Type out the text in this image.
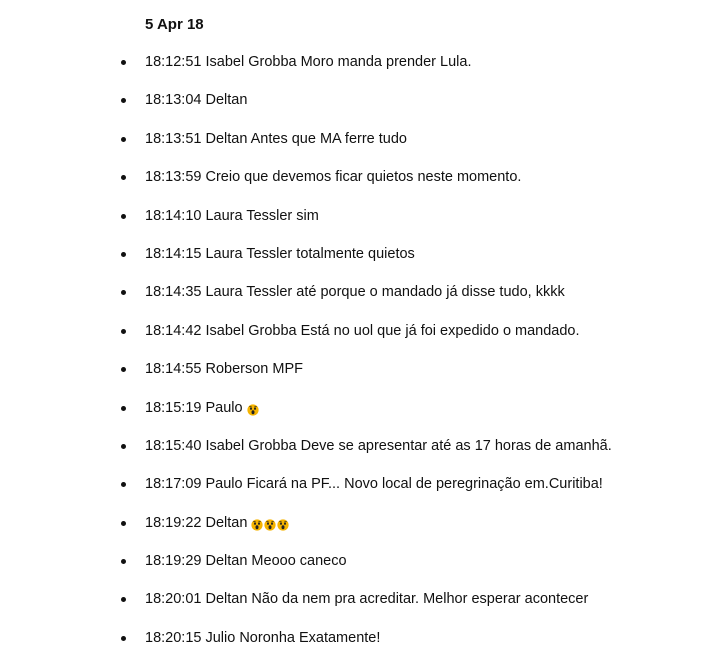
5 Apr 18
18:12:51 Isabel Grobba Moro manda prender Lula.
18:13:04 Deltan
18:13:51 Deltan Antes que MA ferre tudo
18:13:59 Creio que devemos ficar quietos neste momento.
18:14:10 Laura Tessler sim
18:14:15 Laura Tessler totalmente quietos
18:14:35 Laura Tessler até porque o mandado já disse tudo, kkkk
18:14:42 Isabel Grobba Está no uol que já foi expedido o mandado.
18:14:55 Roberson MPF
18:15:19 Paulo
18:15:40 Isabel Grobba Deve se apresentar até as 17 horas de amanhã.
18:17:09 Paulo Ficará na PF... Novo local de peregrinação em.Curitiba!
18:19:22 Deltan
18:19:29 Deltan Meooo caneco
18:20:01 Deltan Não da nem pra acreditar. Melhor esperar acontecer
18:20:15 Julio Noronha Exatamente!
